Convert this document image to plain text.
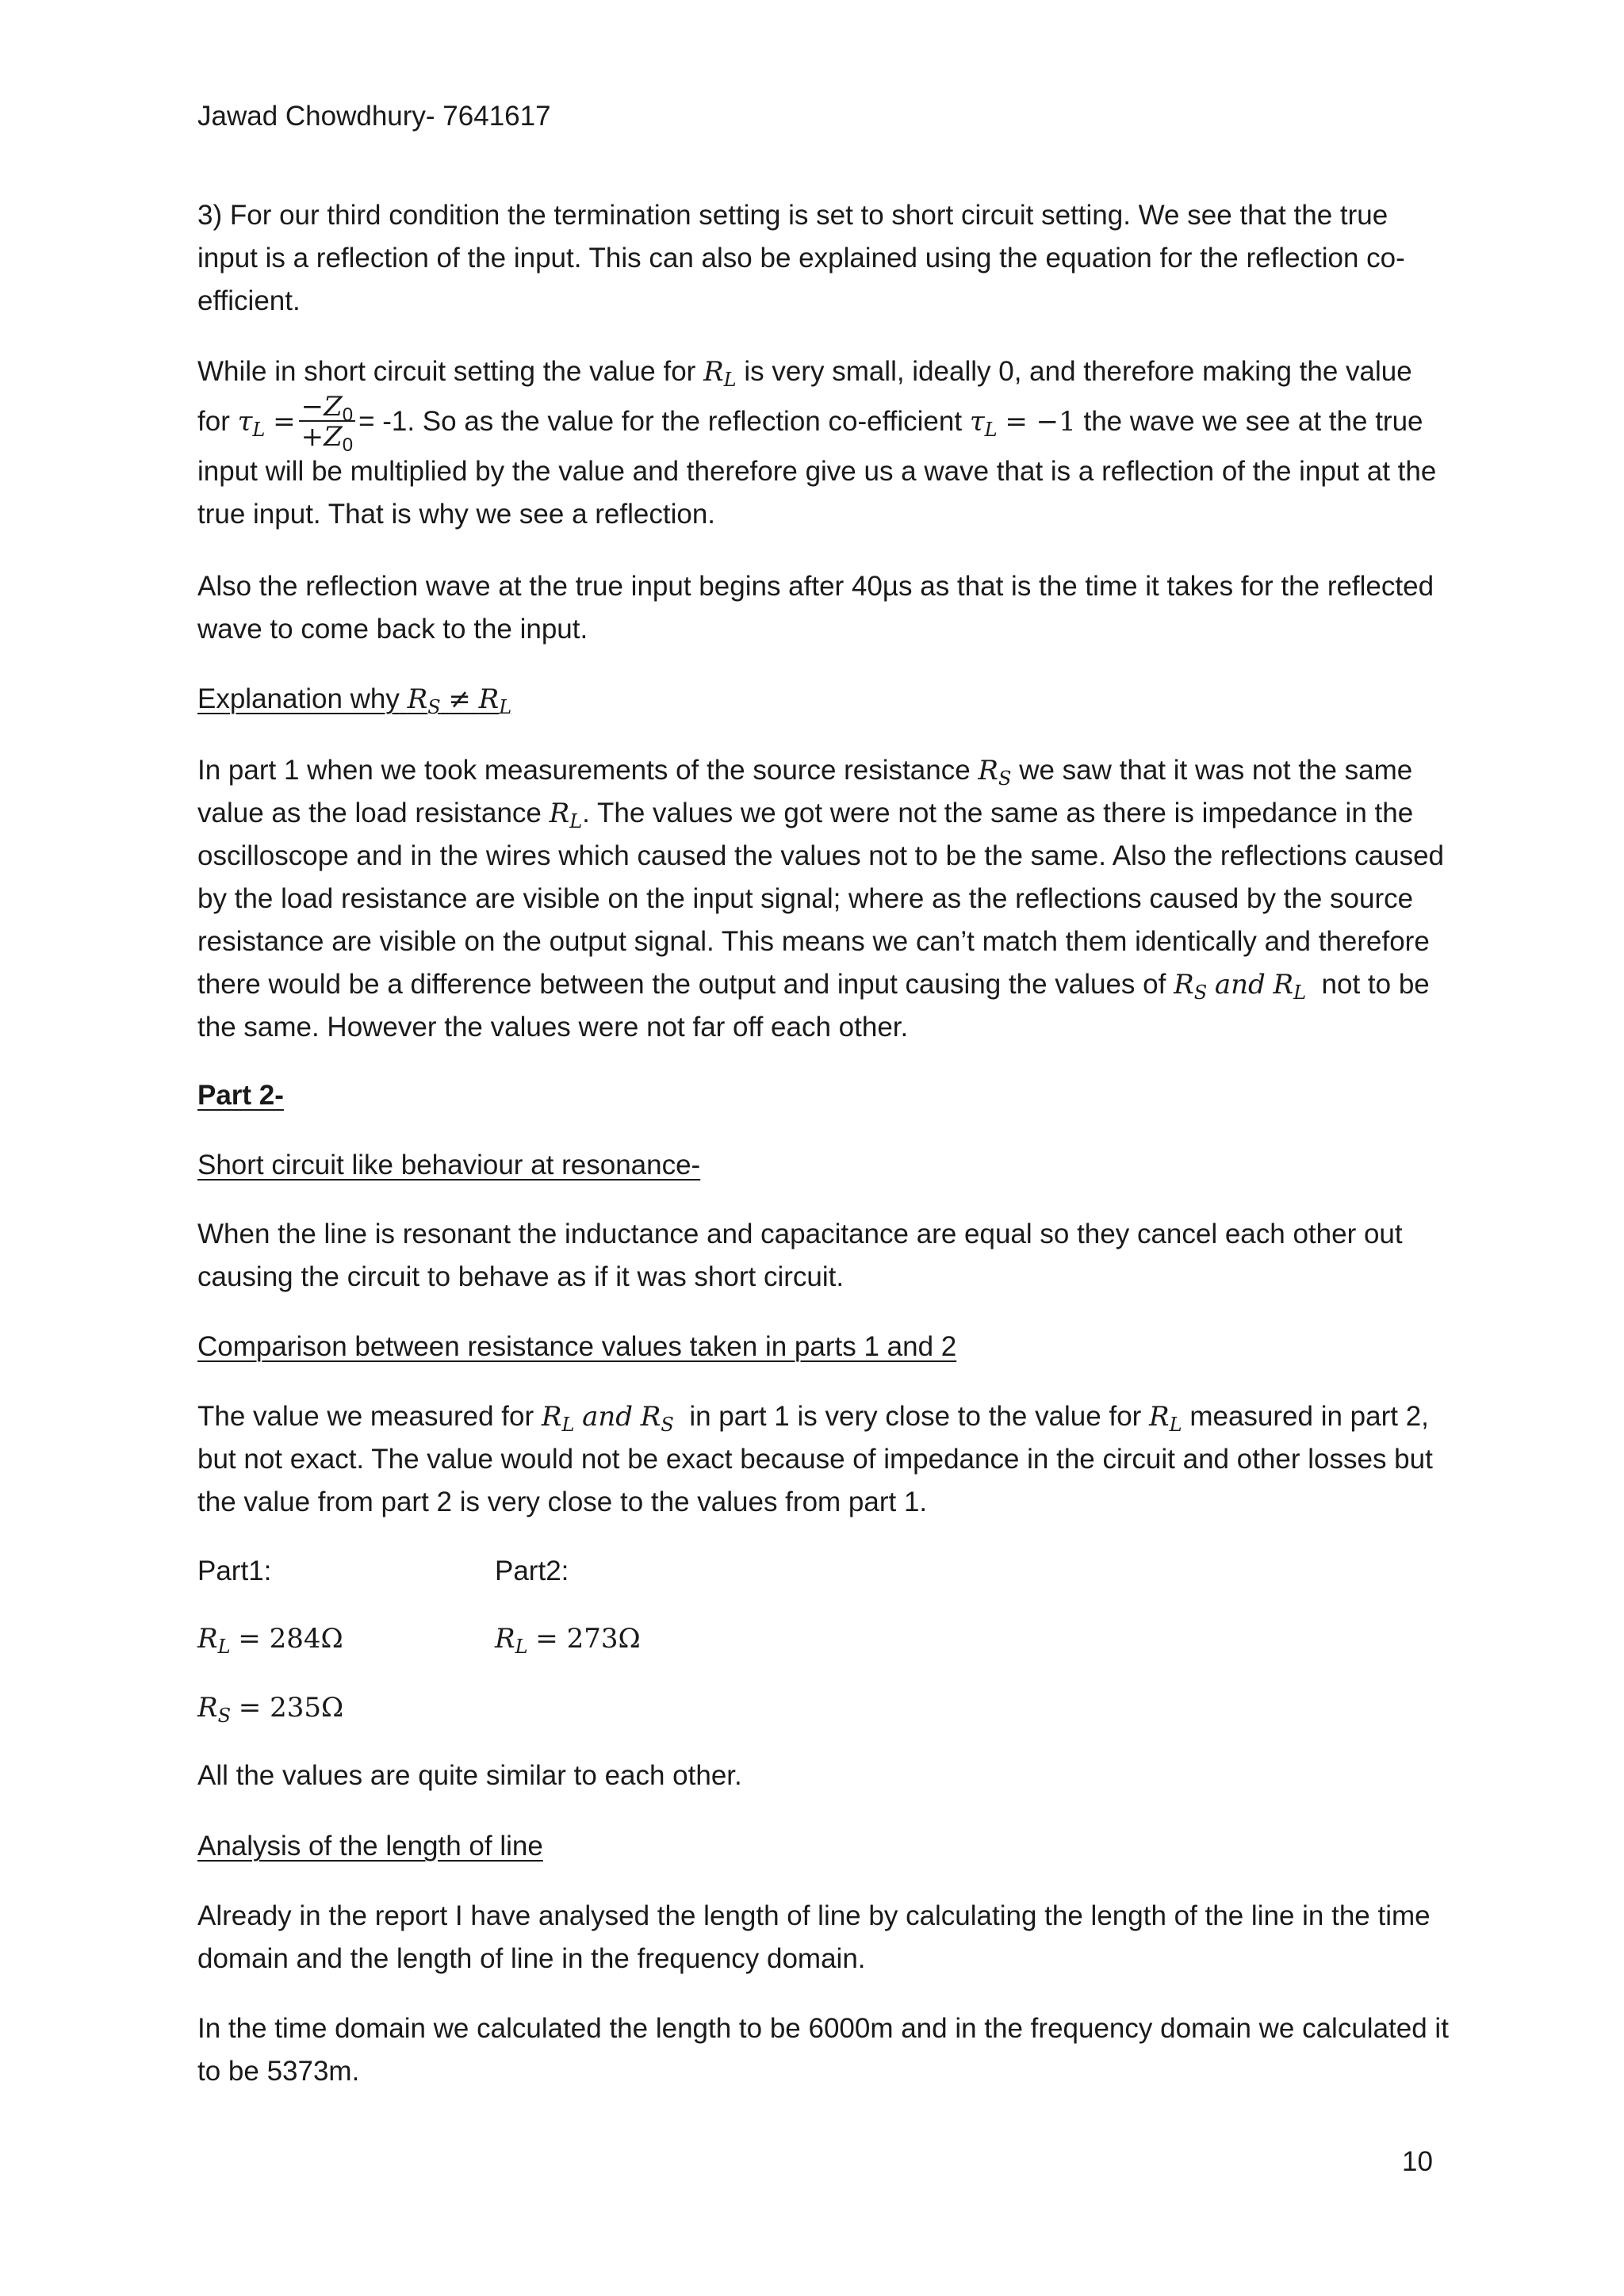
Jawad Chowdhury- 7641617

3) For our third condition the termination setting is set to short circuit setting. We see that the true input is a reflection of the input. This can also be explained using the equation for the reflection co-efficient.

While in short circuit setting the value for $R_L$ is very small, ideally 0, and therefore making the value for $\tau_L = \frac{-Z_0}{+Z_0} = -1$. So as the value for the reflection co-efficient $\tau_L = -1$ the wave we see at the true input will be multiplied by the value and therefore give us a wave that is a reflection of the input at the true input. That is why we see a reflection.

Also the reflection wave at the true input begins after 40µs as that is the time it takes for the reflected wave to come back to the input.

Explanation why $R_S \ne R_L$

In part 1 when we took measurements of the source resistance $R_S$ we saw that it was not the same value as the load resistance $R_L$. The values we got were not the same as there is impedance in the oscilloscope and in the wires which caused the values not to be the same. Also the reflections caused by the load resistance are visible on the input signal; where as the reflections caused by the source resistance are visible on the output signal. This means we can’t match them identically and therefore there would be a difference between the output and input causing the values of $R_S$ and $R_L$ not to be the same. However the values were not far off each other.

Part 2-

Short circuit like behaviour at resonance-

When the line is resonant the inductance and capacitance are equal so they cancel each other out causing the circuit to behave as if it was short circuit.

Comparison between resistance values taken in parts 1 and 2

The value we measured for $R_L$ and $R_S$ in part 1 is very close to the value for $R_L$ measured in part 2, but not exact. The value would not be exact because of impedance in the circuit and other losses but the value from part 2 is very close to the values from part 1.

Part1:	Part2:
$R_L = 284\Omega$	$R_L = 273\Omega$
$R_S = 235\Omega$

All the values are quite similar to each other.

Analysis of the length of line

Already in the report I have analysed the length of line by calculating the length of the line in the time domain and the length of line in the frequency domain.

In the time domain we calculated the length to be 6000m and in the frequency domain we calculated it to be 5373m.

10
